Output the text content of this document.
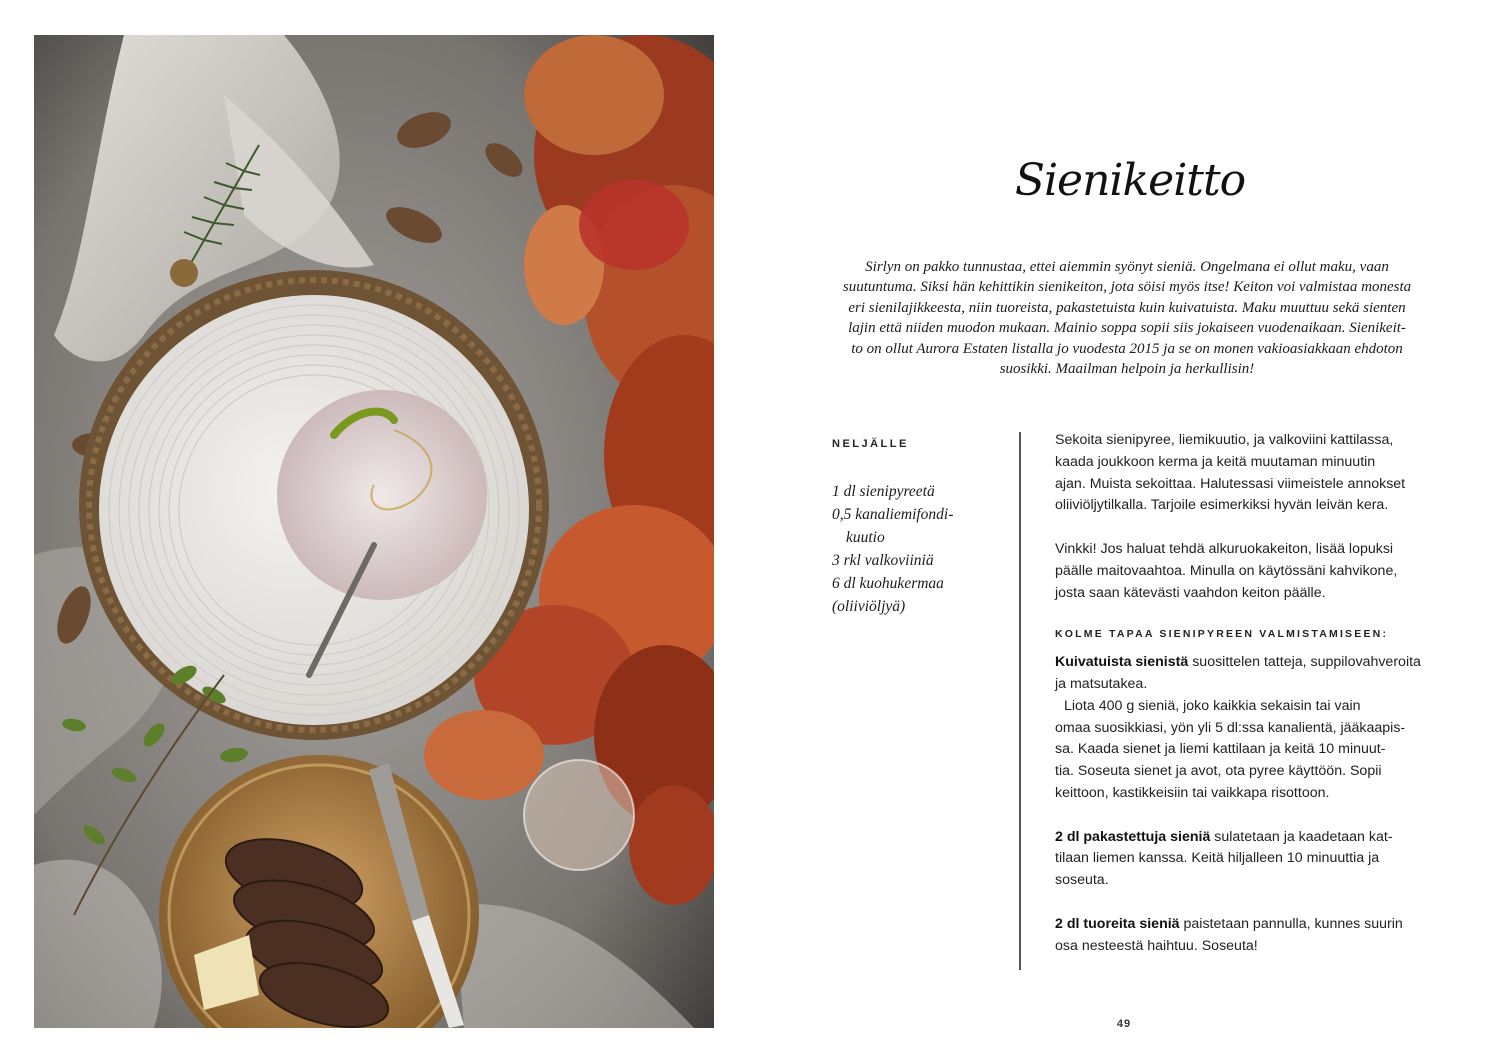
Sienikeitto
Sirlyn on pakko tunnustaa, ettei aiemmin syönyt sieniä. Ongelmana ei ollut maku, vaan
suutuntuma. Siksi hän kehittikin sienikeiton, jota söisi myös itse! Keiton voi valmistaa monesta
eri sienilajikkeesta, niin tuoreista, pakastetuista kuin kuivatuista. Maku muuttuu sekä sienten
lajin että niiden muodon mukaan. Mainio soppa sopii siis jokaiseen vuodenaikaan. Sienikeit-
to on ollut Aurora Estaten listalla jo vuodesta 2015 ja se on monen vakioasiakkaan ehdoton
suosikki. Maailman helpoin ja herkullisin!
NELJÄLLE
1 dl sienipyreetä
0,5 kanaliemifondi-
kuutio
3 rkl valkoviiniä
6 dl kuohukermaa
(oliiviöljyä)
Sekoita sienipyree, liemikuutio, ja valkoviini kattilassa,
kaada joukkoon kerma ja keitä muutaman minuutin
ajan. Muista sekoittaa. Halutessasi viimeistele annokset
oliiviöljytilkalla. Tarjoile esimerkiksi hyvän leivän kera.
Vinkki! Jos haluat tehdä alkuruokakeiton, lisää lopuksi
päälle maitovaahtoa. Minulla on käytössäni kahvikone,
josta saan kätevästi vaahdon keiton päälle.
KOLME TAPAA SIENIPYREEN VALMISTAMISEEN:
Kuivatuista sienistä suosittelen tatteja, suppilovahveroita
ja matsutakea.
Liota 400 g sieniä, joko kaikkia sekaisin tai vain
omaa suosikkiasi, yön yli 5 dl:ssa kanalientä, jääkaapis-
sa. Kaada sienet ja liemi kattilaan ja keitä 10 minuut-
tia. Soseuta sienet ja avot, ota pyree käyttöön. Sopii
keittoon, kastikkeisiin tai vaikkapa risottoon.
2 dl pakastettuja sieniä sulatetaan ja kaadetaan kat-
tilaan liemen kanssa. Keitä hiljalleen 10 minuuttia ja
soseuta.
2 dl tuoreita sieniä paistetaan pannulla, kunnes suurin
osa nesteestä haihtuu. Soseuta!
49
